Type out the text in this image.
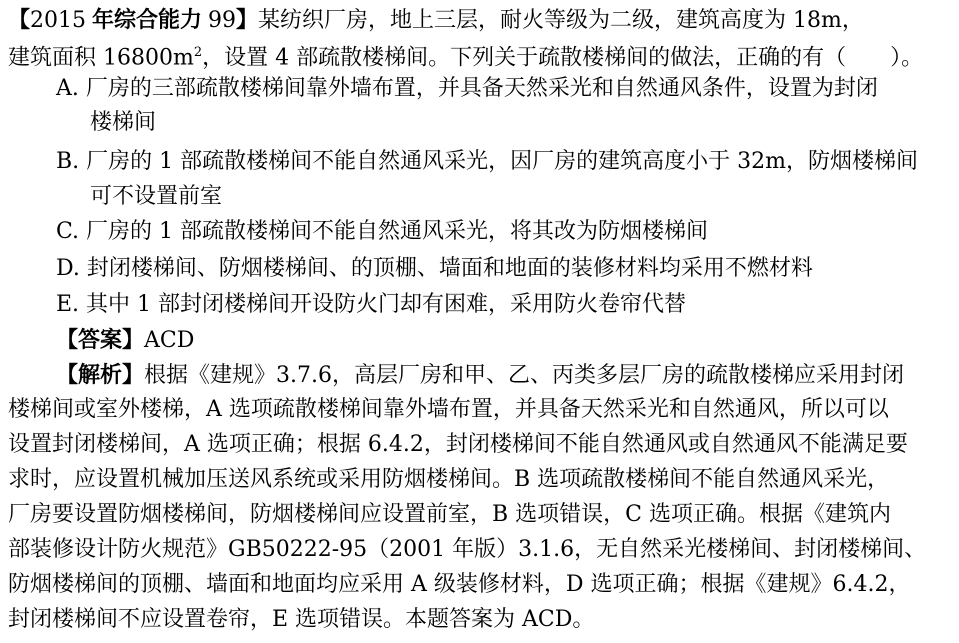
【2015 年综合能力 99】某纺织厂房，地上三层，耐火等级为二级，建筑高度为 18m，
建筑面积 $16800m^2$，设置 4 部疏散楼梯间。下列关于疏散楼梯间的做法，正确的有（　　）。
A. 厂房的三部疏散楼梯间靠外墙布置，并具备天然采光和自然通风条件，设置为封闭
楼梯间
B. 厂房的 1 部疏散楼梯间不能自然通风采光，因厂房的建筑高度小于 32m，防烟楼梯间
可不设置前室
C. 厂房的 1 部疏散楼梯间不能自然通风采光，将其改为防烟楼梯间
D. 封闭楼梯间、防烟楼梯间、的顶棚、墙面和地面的装修材料均采用不燃材料
E. 其中 1 部封闭楼梯间开设防火门却有困难，采用防火卷帘代替
【答案】ACD
【解析】根据《建规》3.7.6，高层厂房和甲、乙、丙类多层厂房的疏散楼梯应采用封闭
楼梯间或室外楼梯，A 选项疏散楼梯间靠外墙布置，并具备天然采光和自然通风，所以可以
设置封闭楼梯间，A 选项正确；根据 6.4.2，封闭楼梯间不能自然通风或自然通风不能满足要
求时，应设置机械加压送风系统或采用防烟楼梯间。B 选项疏散楼梯间不能自然通风采光，
厂房要设置防烟楼梯间，防烟楼梯间应设置前室，B 选项错误，C 选项正确。根据《建筑内
部装修设计防火规范》GB50222-95（2001 年版）3.1.6，无自然采光楼梯间、封闭楼梯间、
防烟楼梯间的顶棚、墙面和地面均应采用 A 级装修材料，D 选项正确；根据《建规》6.4.2，
封闭楼梯间不应设置卷帘，E 选项错误。本题答案为 ACD。
